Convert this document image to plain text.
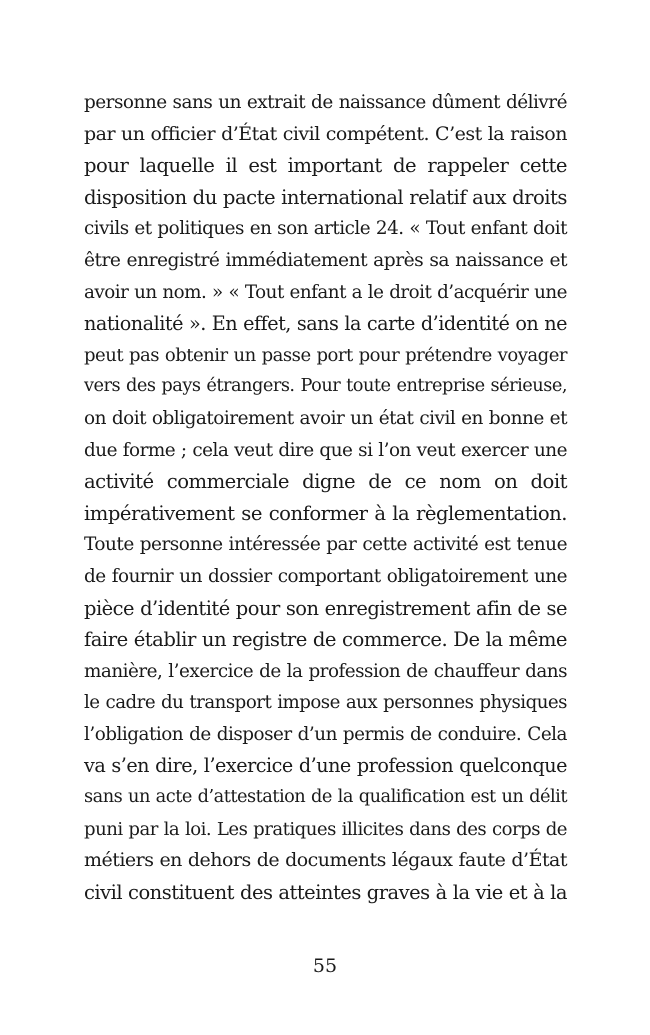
personne sans un extrait de naissance dûment délivré
par un officier d’État civil compétent. C’est la raison
pour laquelle il est important de rappeler cette
disposition du pacte international relatif aux droits
civils et politiques en son article 24. « Tout enfant doit
être enregistré immédiatement après sa naissance et
avoir un nom. » « Tout enfant a le droit d’acquérir une
nationalité ». En effet, sans la carte d’identité on ne
peut pas obtenir un passe port pour prétendre voyager
vers des pays étrangers. Pour toute entreprise sérieuse,
on doit obligatoirement avoir un état civil en bonne et
due forme ; cela veut dire que si l’on veut exercer une
activité commerciale digne de ce nom on doit
impérativement se conformer à la règlementation.
Toute personne intéressée par cette activité est tenue
de fournir un dossier comportant obligatoirement une
pièce d’identité pour son enregistrement afin de se
faire établir un registre de commerce. De la même
manière, l’exercice de la profession de chauffeur dans
le cadre du transport impose aux personnes physiques
l’obligation de disposer d’un permis de conduire. Cela
va s’en dire, l’exercice d’une profession quelconque
sans un acte d’attestation de la qualification est un délit
puni par la loi. Les pratiques illicites dans des corps de
métiers en dehors de documents légaux faute d’État
civil constituent des atteintes graves à la vie et à la

55
